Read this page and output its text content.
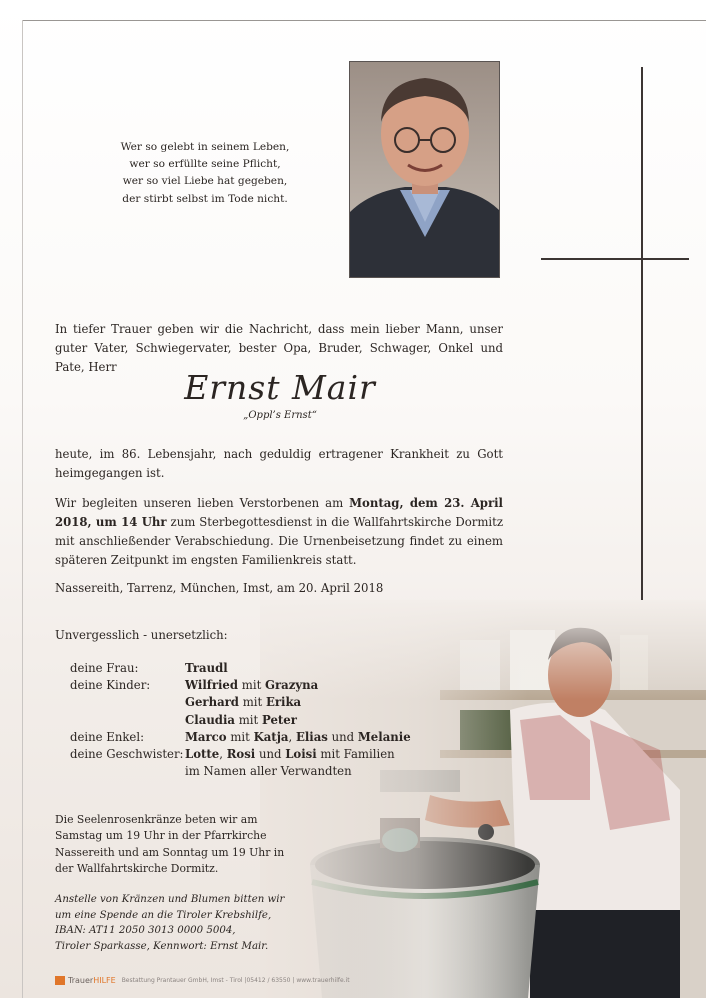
Wer so gelebt in seinem Leben,
wer so erfüllte seine Pflicht,
wer so viel Liebe hat gegeben,
der stirbt selbst im Tode nicht.
In tiefer Trauer geben wir die Nachricht, dass mein lieber Mann, unser guter Vater, Schwiegervater, bester Opa, Bruder, Schwager, Onkel und Pate, Herr
Ernst Mair
„Oppl’s Ernst“
heute, im 86. Lebensjahr, nach geduldig ertragener Krankheit zu Gott heimgegangen ist.
Wir begleiten unseren lieben Verstorbenen am Montag, dem 23. April 2018, um 14 Uhr zum Sterbegottesdienst in die Wallfahrtskirche Dormitz mit anschließender Verabschiedung. Die Urnenbeisetzung findet zu einem späteren Zeitpunkt im engsten Familienkreis statt.
Nassereith, Tarrenz, München, Imst, am 20. April 2018
Unvergesslich - unersetzlich:
deine Frau:	Traudl
deine Kinder:	Wilfried mit Grazyna
Gerhard mit Erika
Claudia mit Peter
deine Enkel:	Marco mit Katja, Elias und Melanie
deine Geschwister: Lotte, Rosi und Loisi mit Familien
im Namen aller Verwandten
Die Seelenrosenkränze beten wir am Samstag um 19 Uhr in der Pfarrkirche Nassereith und am Sonntag um 19 Uhr in der Wallfahrtskirche Dormitz.
Anstelle von Kränzen und Blumen bitten wir
um eine Spende an die Tiroler Krebshilfe,
IBAN: AT11 2050 3013 0000 5004,
Tiroler Sparkasse, Kennwort: Ernst Mair.
TrauerHILFE Bestattung Prantauer GmbH, Imst - Tirol | 05412 / 63550 | www.trauerhilfe.it
